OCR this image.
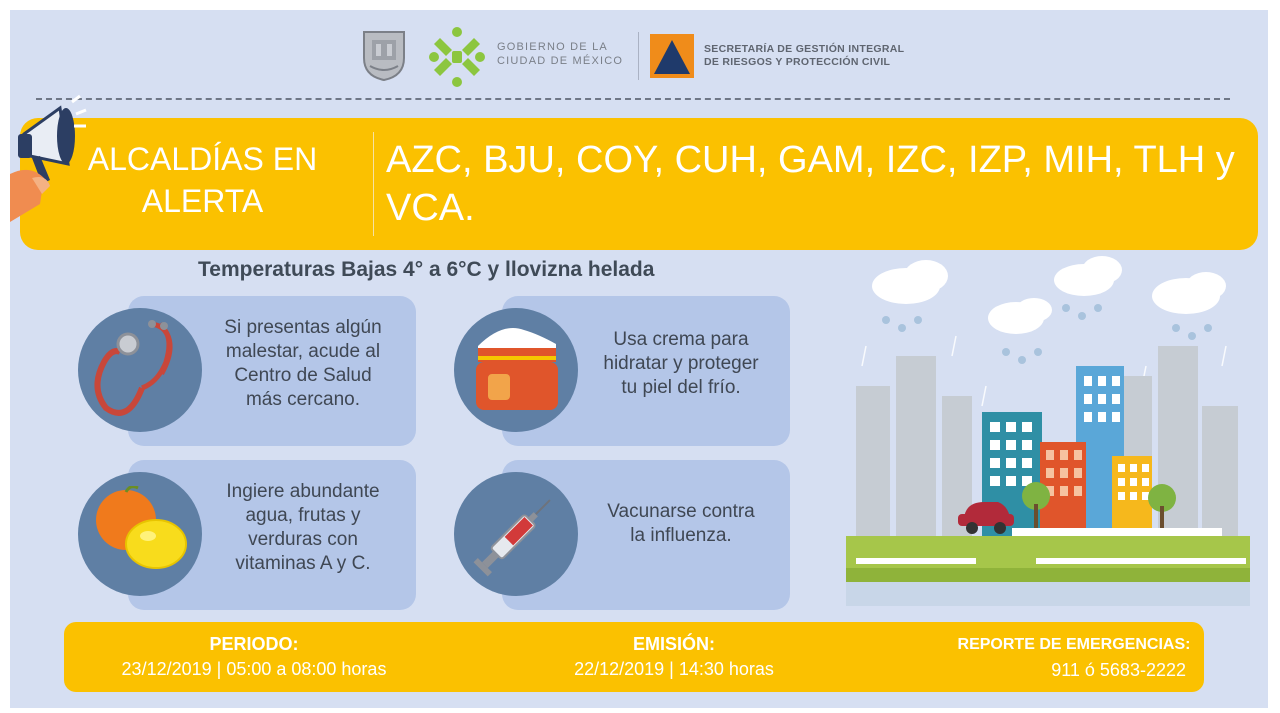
GOBIERNO DE LA
CIUDAD DE MÉXICO
SECRETARÍA DE GESTIÓN INTEGRAL
DE RIESGOS Y PROTECCIÓN CIVIL
ALCALDÍAS EN
ALERTA
AZC, BJU, COY, CUH, GAM, IZC, IZP, MIH, TLH y
VCA.
Temperaturas Bajas 4° a 6°C y llovizna helada
Si presentas algún
malestar, acude al
Centro de Salud
más cercano.
Usa crema para
hidratar y proteger
tu piel del frío.
Ingiere abundante
agua, frutas y
verduras con
vitaminas A y C.
Vacunarse contra
la influenza.
PERIODO:
23/12/2019 | 05:00 a 08:00 horas
EMISIÓN:
22/12/2019 | 14:30 horas
REPORTE DE EMERGENCIAS:
911 ó 5683-2222
